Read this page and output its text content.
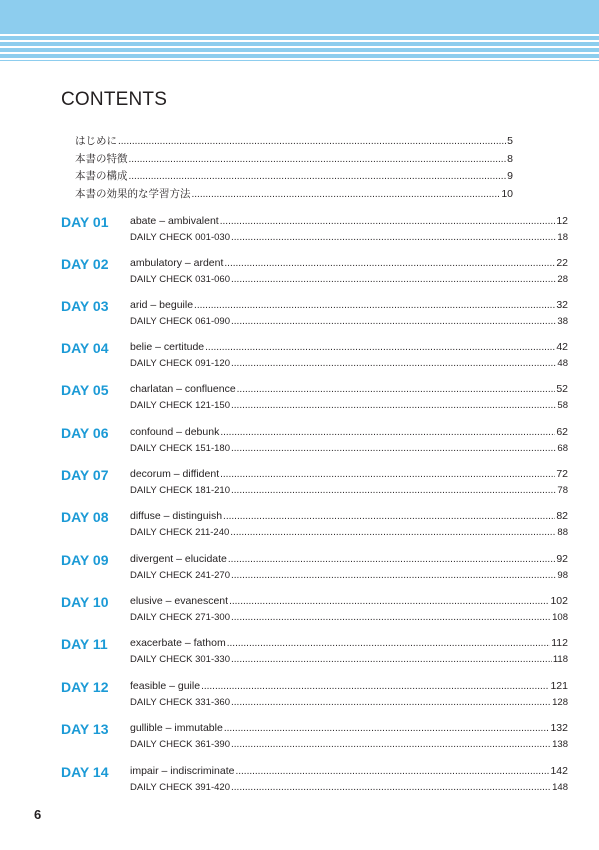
CONTENTS
はじめに .....	5
本書の特徴 .....	8
本書の構成 .....	9
本書の効果的な学習方法 .....	10
DAY 01 abate – ambivalent .....	12
DAILY CHECK 001-030 .....	18
DAY 02 ambulatory – ardent .....	22
DAILY CHECK 031-060 .....	28
DAY 03 arid – beguile .....	32
DAILY CHECK 061-090 .....	38
DAY 04 belie – certitude .....	42
DAILY CHECK 091-120 .....	48
DAY 05 charlatan – confluence .....	52
DAILY CHECK 121-150 .....	58
DAY 06 confound – debunk .....	62
DAILY CHECK 151-180 .....	68
DAY 07 decorum – diffident .....	72
DAILY CHECK 181-210 .....	78
DAY 08 diffuse – distinguish .....	82
DAILY CHECK 211-240 .....	88
DAY 09 divergent – elucidate .....	92
DAILY CHECK 241-270 .....	98
DAY 10 elusive – evanescent .....	102
DAILY CHECK 271-300 .....	108
DAY 11 exacerbate – fathom .....	112
DAILY CHECK 301-330 .....	118
DAY 12 feasible – guile .....	121
DAILY CHECK 331-360 .....	128
DAY 13 gullible – immutable .....	132
DAILY CHECK 361-390 .....	138
DAY 14 impair – indiscriminate .....	142
DAILY CHECK 391-420 .....	148
6
